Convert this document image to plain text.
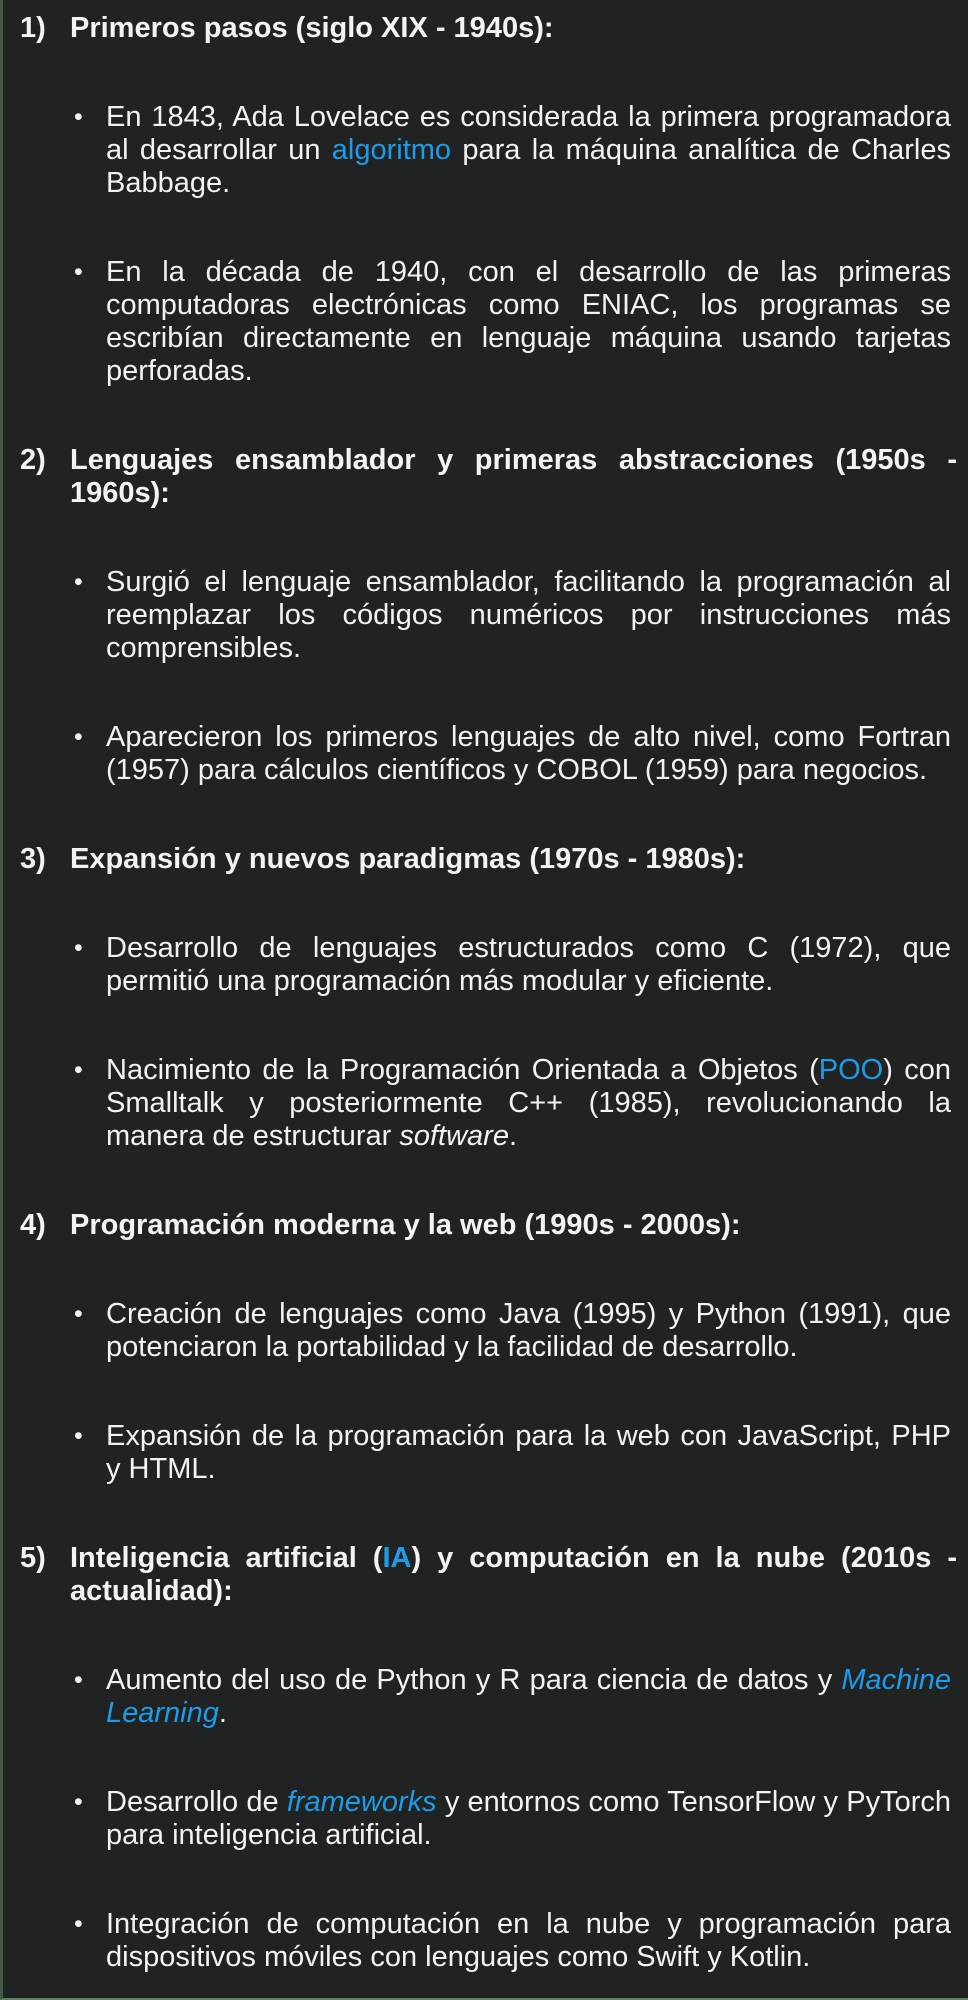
1) Primeros pasos (siglo XIX - 1940s):
• En 1843, Ada Lovelace es considerada la primera programadora al desarrollar un algoritmo para la máquina analítica de Charles Babbage.
• En la década de 1940, con el desarrollo de las primeras computadoras electrónicas como ENIAC, los programas se escribían directamente en lenguaje máquina usando tarjetas perforadas.
2) Lenguajes ensamblador y primeras abstracciones (1950s - 1960s):
• Surgió el lenguaje ensamblador, facilitando la programación al reemplazar los códigos numéricos por instrucciones más comprensibles.
• Aparecieron los primeros lenguajes de alto nivel, como Fortran (1957) para cálculos científicos y COBOL (1959) para negocios.
3) Expansión y nuevos paradigmas (1970s - 1980s):
• Desarrollo de lenguajes estructurados como C (1972), que permitió una programación más modular y eficiente.
• Nacimiento de la Programación Orientada a Objetos (POO) con Smalltalk y posteriormente C++ (1985), revolucionando la manera de estructurar software.
4) Programación moderna y la web (1990s - 2000s):
• Creación de lenguajes como Java (1995) y Python (1991), que potenciaron la portabilidad y la facilidad de desarrollo.
• Expansión de la programación para la web con JavaScript, PHP y HTML.
5) Inteligencia artificial (IA) y computación en la nube (2010s - actualidad):
• Aumento del uso de Python y R para ciencia de datos y Machine Learning.
• Desarrollo de frameworks y entornos como TensorFlow y PyTorch para inteligencia artificial.
• Integración de computación en la nube y programación para dispositivos móviles con lenguajes como Swift y Kotlin.
